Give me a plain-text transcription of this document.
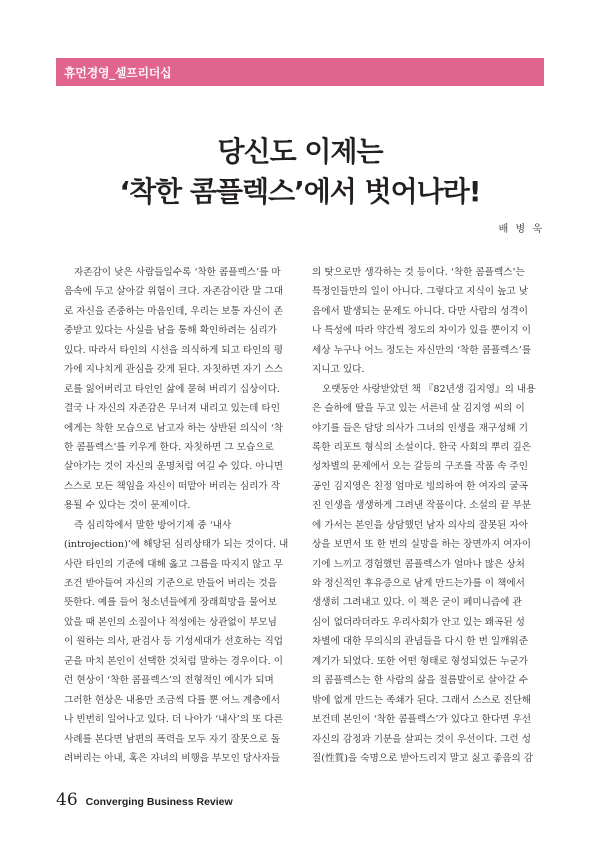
휴먼경영_셀프리더십
당신도 이제는
‘착한 콤플렉스’에서 벗어나라!
배 병 욱
자존감이 낮은 사람들일수록 ‘착한 콤플렉스’를 마
음속에 두고 살아갈 위험이 크다. 자존감이란 말 그대
로 자신을 존중하는 마음인데, 우리는 보통 자신이 존
중받고 있다는 사실을 남을 통해 확인하려는 심리가
있다. 따라서 타인의 시선을 의식하게 되고 타인의 평
가에 지나치게 관심을 갖게 된다. 자칫하면 자기 스스
로를 잃어버리고 타인인 삶에 묻혀 버리기 십상이다.
결국 나 자신의 자존감은 무너져 내리고 있는데 타인
에게는 착한 모습으로 남고자 하는 상반된 의식이 ‘착
한 콤플렉스’를 키우게 한다. 자칫하면 그 모습으로
살아가는 것이 자신의 운명처럼 여길 수 있다. 아니면
스스로 모든 책임을 자신이 떠맡아 버리는 심리가 작
용될 수 있다는 것이 문제이다.
즉 심리학에서 말한 방어기제 중 ‘내사
(introjection)’에 해당된 심리상태가 되는 것이다. 내
사란 타인의 기준에 대해 옳고 그름을 따지지 않고 무
조건 받아들여 자신의 기준으로 만들어 버리는 것을
뜻한다. 예를 들어 청소년들에게 장래희망을 물어보
았을 때 본인의 소질이나 적성에는 상관없이 부모님
이 원하는 의사, 판검사 등 기성세대가 선호하는 직업
군을 마치 본인이 선택한 것처럼 말하는 경우이다. 이
런 현상이 ‘착한 콤플렉스’의 전형적인 예시가 되며
그러한 현상은 내용만 조금씩 다를 뿐 어느 계층에서
나 빈번히 일어나고 있다. 더 나아가 ‘내사’의 또 다른
사례를 본다면 남편의 폭력을 모두 자기 잘못으로 돌
려버리는 아내, 혹은 자녀의 비행을 부모인 당사자들
의 탓으로만 생각하는 것 등이다. ‘착한 콤플렉스’는
특정인들만의 일이 아니다. 그렇다고 지식이 높고 낮
음에서 발생되는 문제도 아니다. 다만 사람의 성격이
나 특성에 따라 약간씩 정도의 차이가 있을 뿐이지 이
세상 누구나 어느 정도는 자신만의 ‘착한 콤플렉스’를
지니고 있다.
오랫동안 사랑받았던 책 『82년생 김지영』의 내용
은 슬하에 딸을 두고 있는 서른네 살 김지영 씨의 이
야기를 들은 담당 의사가 그녀의 인생을 재구성해 기
록한 리포트 형식의 소설이다. 한국 사회의 뿌리 깊은
성차별의 문제에서 오는 갈등의 구조를 작품 속 주인
공인 김지영은 친정 엄마로 빙의하여 한 여자의 굴곡
진 인생을 생생하게 그려낸 작품이다. 소설의 끝 부분
에 가서는 본인을 상담했던 남자 의사의 잘못된 자아
상을 보면서 또 한 번의 실망을 하는 장면까지 여자이
기에 느끼고 경험했던 콤플렉스가 얼마나 많은 상처
와 정신적인 후유증으로 남게 만드는가를 이 책에서
생생히 그려내고 있다. 이 책은 굳이 페미니즘에 관
심이 없더라더라도 우리사회가 안고 있는 왜곡된 성
차별에 대한 무의식의 관념들을 다시 한 번 일깨워준
계기가 되었다. 또한 어떤 형태로 형성되었든 누군가
의 콤플렉스는 한 사람의 삶을 절름발이로 살아갈 수
밖에 없게 만드는 족쇄가 된다. 그래서 스스로 진단해
보건데 본인이 ‘착한 콤플렉스’가 있다고 한다면 우선
자신의 감정과 기분을 살피는 것이 우선이다. 그런 성
질(性質)을 숙명으로 받아드리지 말고 싫고 좋음의 감
46 Converging Business Review
